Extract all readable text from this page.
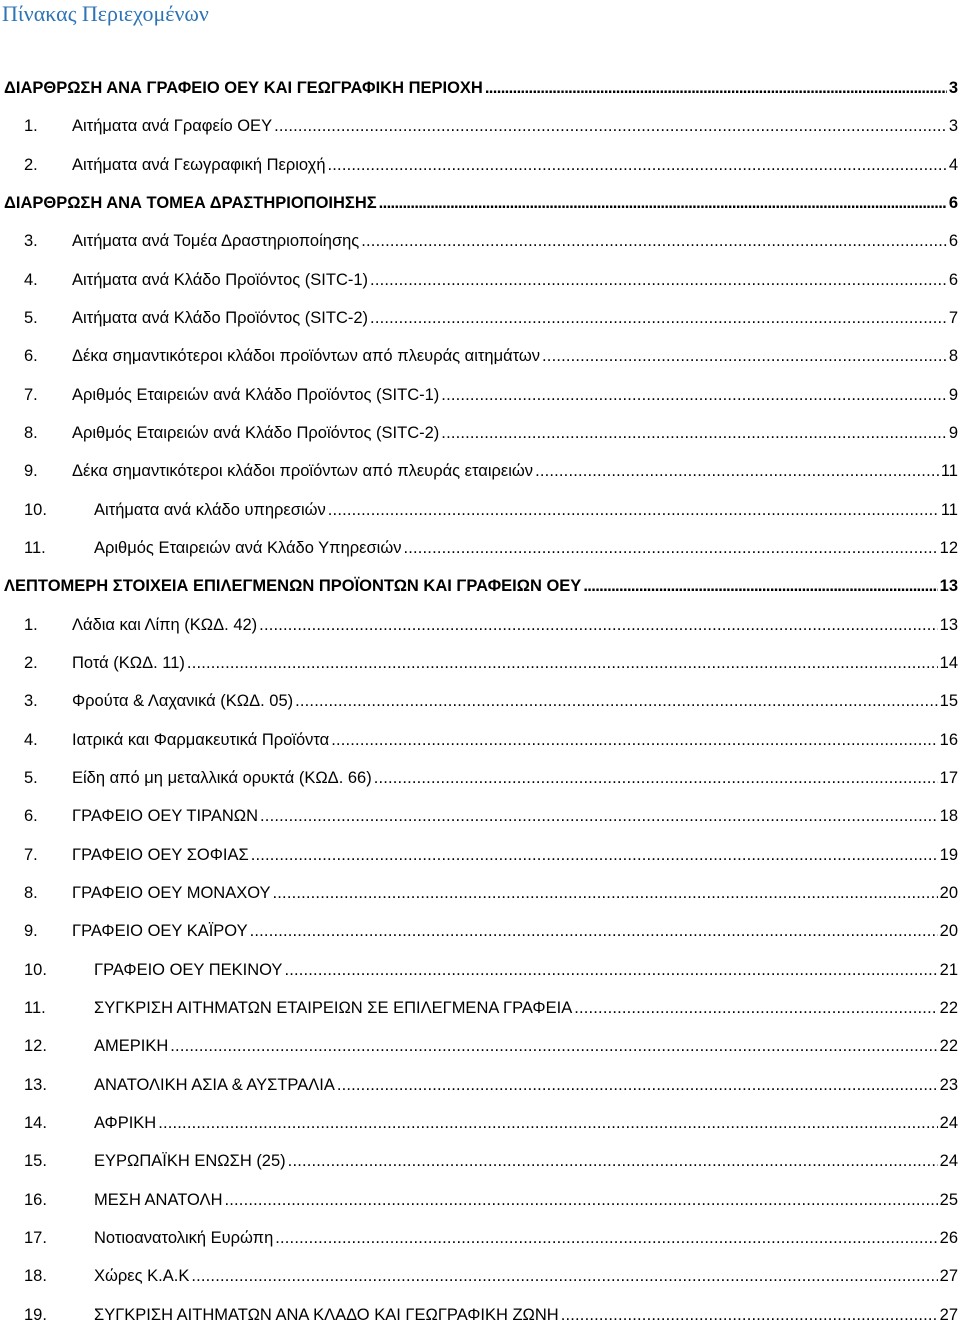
Πίνακας Περιεχομένων
ΔΙΑΡΘΡΩΣΗ ΑΝΑ ΓΡΑΦΕΙΟ ΟΕΥ ΚΑΙ ΓΕΩΓΡΑΦΙΚΗ ΠΕΡΙΟΧΗ . . .	3
1. Αιτήματα ανά Γραφείο ΟΕΥ . . .	3
2. Αιτήματα ανά Γεωγραφική Περιοχή . . .	4
ΔΙΑΡΘΡΩΣΗ ΑΝΑ ΤΟΜΕΑ ΔΡΑΣΤΗΡΙΟΠΟΙΗΣΗΣ . . .	6
3. Αιτήματα ανά Τομέα Δραστηριοποίησης . . .	6
4. Αιτήματα ανά Κλάδο Προϊόντος (SITC-1) . . .	6
5. Αιτήματα ανά Κλάδο Προϊόντος (SITC-2) . . .	7
6. Δέκα σημαντικότεροι κλάδοι προϊόντων από πλευράς αιτημάτων . . .	8
7. Αριθμός Εταιρειών ανά Κλάδο Προϊόντος (SITC-1) . . .	9
8. Αριθμός Εταιρειών ανά Κλάδο Προϊόντος (SITC-2) . . .	9
9. Δέκα σημαντικότεροι κλάδοι προϊόντων από πλευράς εταιρειών . . .	11
10.	Αιτήματα ανά κλάδο υπηρεσιών . . .	11
11.	Αριθμός Εταιρειών ανά Κλάδο Υπηρεσιών . . .	12
ΛΕΠΤΟΜΕΡΗ ΣΤΟΙΧΕΙΑ ΕΠΙΛΕΓΜΕΝΩΝ ΠΡΟΪΟΝΤΩΝ ΚΑΙ ΓΡΑΦΕΙΩΝ ΟΕΥ . . .	13
1. Λάδια και Λίπη (ΚΩΔ. 42) . . .	13
2. Ποτά (ΚΩΔ. 11) . . .	14
3. Φρούτα & Λαχανικά (ΚΩΔ. 05) . . .	15
4. Ιατρικά και Φαρμακευτικά Προϊόντα . . .	16
5. Είδη από μη μεταλλικά ορυκτά (ΚΩΔ. 66) . . .	17
6. ΓΡΑΦΕΙΟ ΟΕΥ ΤΙΡΑΝΩΝ . . .	18
7. ΓΡΑΦΕΙΟ ΟΕΥ ΣΟΦΙΑΣ . . .	19
8. ΓΡΑΦΕΙΟ ΟΕΥ ΜΟΝΑΧΟΥ . . .	20
9. ΓΡΑΦΕΙΟ ΟΕΥ ΚΑΪΡΟΥ . . .	20
10.	ΓΡΑΦΕΙΟ ΟΕΥ ΠΕΚΙΝΟΥ . . .	21
11.	ΣΥΓΚΡΙΣΗ ΑΙΤΗΜΑΤΩΝ ΕΤΑΙΡΕΙΩΝ ΣΕ ΕΠΙΛΕΓΜΕΝΑ ΓΡΑΦΕΙΑ . . .	22
12.	ΑΜΕΡΙΚΗ . . .	22
13.	ΑΝΑΤΟΛΙΚΗ ΑΣΙΑ & ΑΥΣΤΡΑΛΙΑ . . .	23
14.	ΑΦΡΙΚΗ . . .	24
15.	ΕΥΡΩΠΑΪΚΗ ΕΝΩΣΗ (25) . . .	24
16.	ΜΕΣΗ ΑΝΑΤΟΛΗ . . .	25
17.	Νοτιοανατολική Ευρώπη . . .	26
18.	Χώρες Κ.Α.Κ . . .	27
19.	ΣΥΓΚΡΙΣΗ ΑΙΤΗΜΑΤΩΝ ΑΝΑ ΚΛΑΔΟ ΚΑΙ ΓΕΩΓΡΑΦΙΚΗ ΖΩΝΗ . . .	27
